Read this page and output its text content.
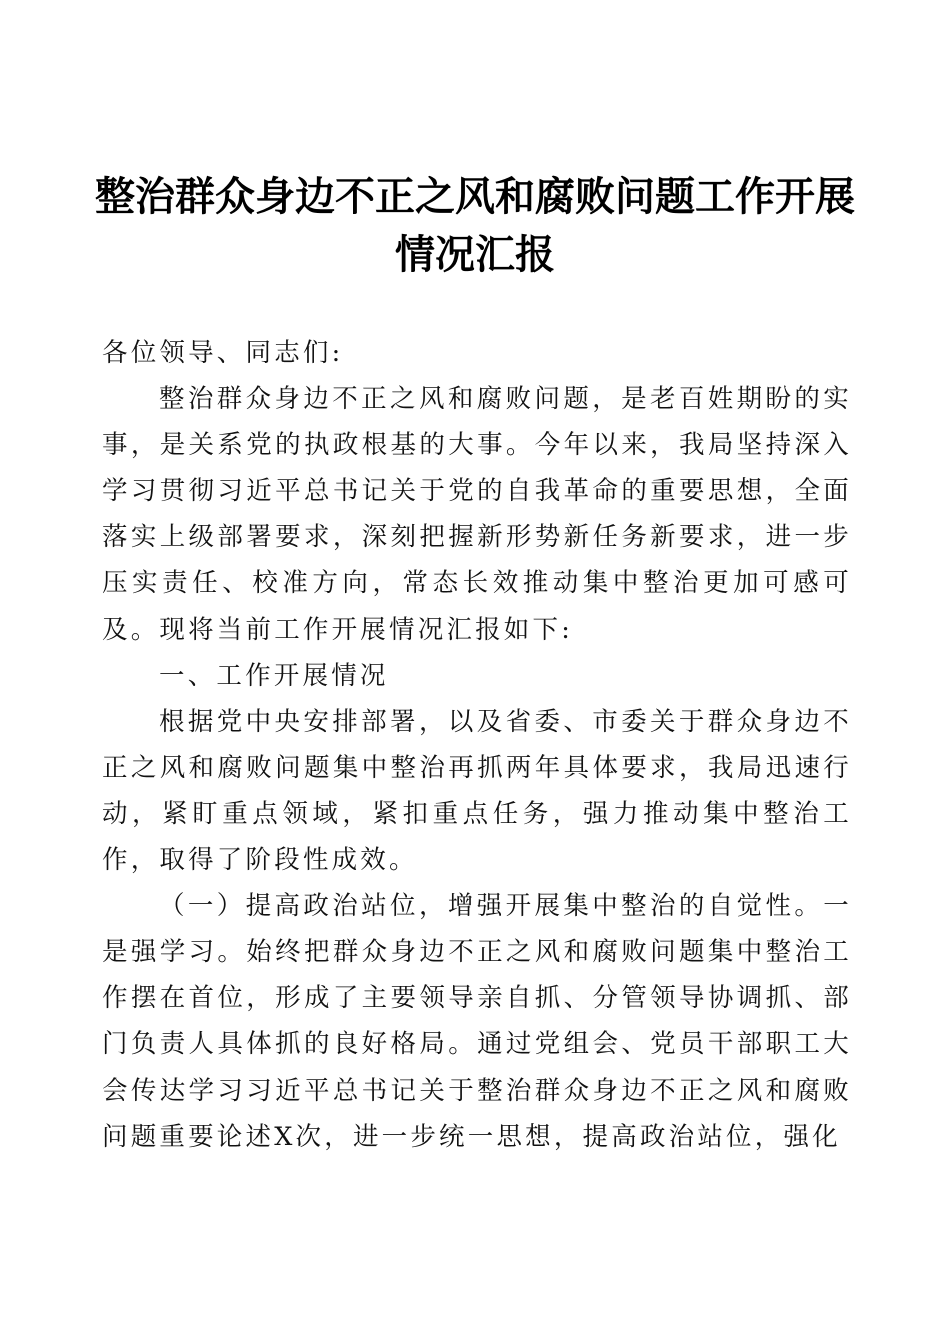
整治群众身边不正之风和腐败问题工作开展情况汇报

各位领导、同志们:

整治群众身边不正之风和腐败问题，是老百姓期盼的实事，是关系党的执政根基的大事。今年以来，我局坚持深入学习贯彻习近平总书记关于党的自我革命的重要思想，全面落实上级部署要求，深刻把握新形势新任务新要求，进一步压实责任、校准方向，常态长效推动集中整治更加可感可及。现将当前工作开展情况汇报如下:

一、工作开展情况

根据党中央安排部署，以及省委、市委关于群众身边不正之风和腐败问题集中整治再抓两年具体要求，我局迅速行动，紧盯重点领域，紧扣重点任务，强力推动集中整治工作，取得了阶段性成效。

（一）提高政治站位，增强开展集中整治的自觉性。一是强学习。始终把群众身边不正之风和腐败问题集中整治工作摆在首位，形成了主要领导亲自抓、分管领导协调抓、部门负责人具体抓的良好格局。通过党组会、党员干部职工大会传达学习习近平总书记关于整治群众身边不正之风和腐败问题重要论述X次，进一步统一思想，提高政治站位，强化
